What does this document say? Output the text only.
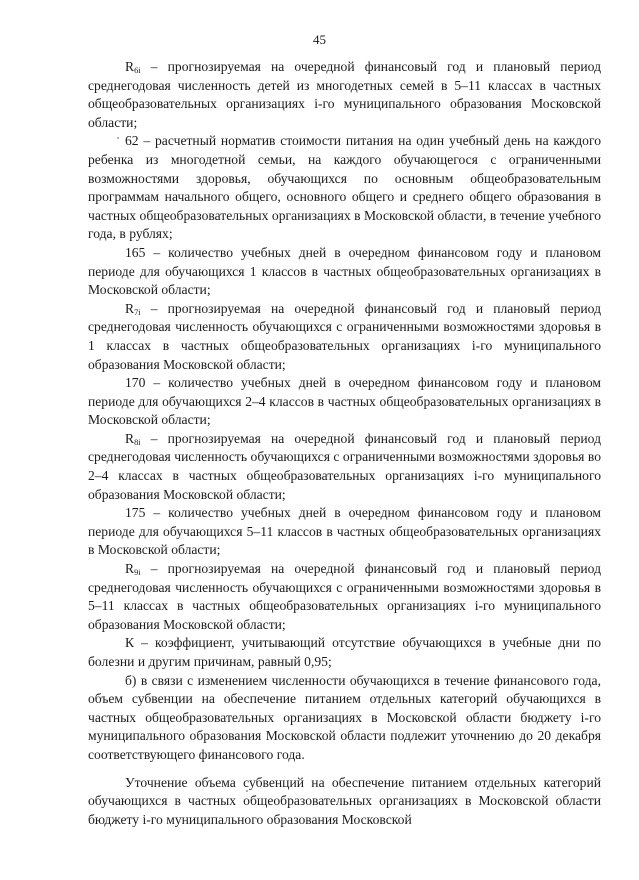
45

$R_{6i}$ – прогнозируемая на очередной финансовый год и плановый период среднегодовая численность детей из многодетных семей в 5–11 классах в частных общеобразовательных организациях i-го муниципального образования Московской области;

62 – расчетный норматив стоимости питания на один учебный день на каждого ребенка из многодетной семьи, на каждого обучающегося с ограниченными возможностями здоровья, обучающихся по основным общеобразовательным программам начального общего, основного общего и среднего общего образования в частных общеобразовательных организациях в Московской области, в течение учебного года, в рублях;

165 – количество учебных дней в очередном финансовом году и плановом периоде для обучающихся 1 классов в частных общеобразовательных организациях в Московской области;

$R_{7i}$ – прогнозируемая на очередной финансовый год и плановый период среднегодовая численность обучающихся с ограниченными возможностями здоровья в 1 классах в частных общеобразовательных организациях i-го муниципального образования Московской области;

170 – количество учебных дней в очередном финансовом году и плановом периоде для обучающихся 2–4 классов в частных общеобразовательных организациях в Московской области;

$R_{8i}$ – прогнозируемая на очередной финансовый год и плановый период среднегодовая численность обучающихся с ограниченными возможностями здоровья во 2–4 классах в частных общеобразовательных организациях i-го муниципального образования Московской области;

175 – количество учебных дней в очередном финансовом году и плановом периоде для обучающихся 5–11 классов в частных общеобразовательных организациях в Московской области;

$R_{9i}$ – прогнозируемая на очередной финансовый год и плановый период среднегодовая численность обучающихся с ограниченными возможностями здоровья в 5–11 классах в частных общеобразовательных организациях i-го муниципального образования Московской области;

К – коэффициент, учитывающий отсутствие обучающихся в учебные дни по болезни и другим причинам, равный 0,95;

б) в связи с изменением численности обучающихся в течение финансового года, объем субвенции на обеспечение питанием отдельных категорий обучающихся в частных общеобразовательных организациях в Московской области бюджету i-го муниципального образования Московской области подлежит уточнению до 20 декабря соответствующего финансового года.

Уточнение объема субвенций на обеспечение питанием отдельных категорий обучающихся в частных общеобразовательных организациях в Московской области бюджету i-го муниципального образования Московской
